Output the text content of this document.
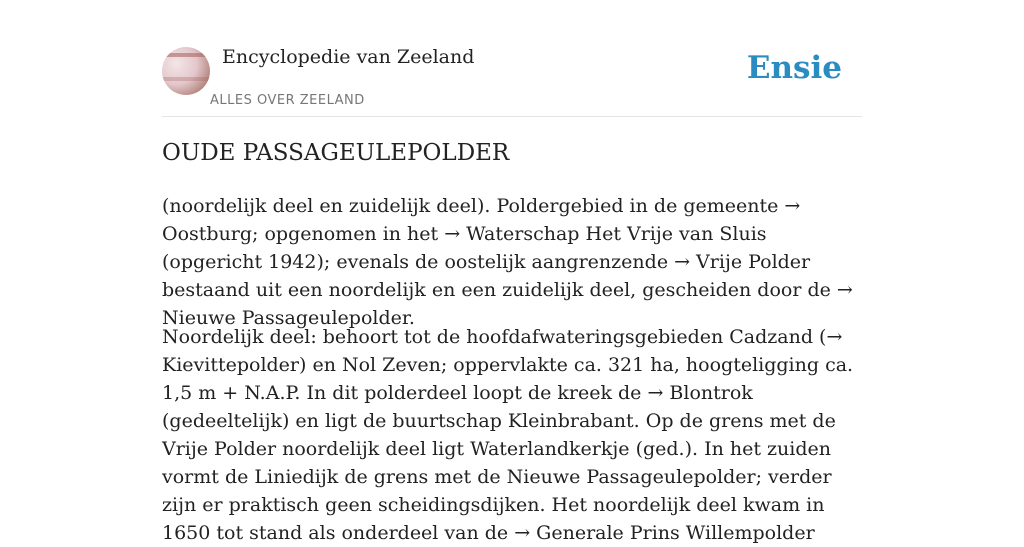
Encyclopedie van Zeeland
ALLES OVER ZEELAND
Ensie
OUDE PASSAGEULEPOLDER

(noordelijk deel en zuidelijk deel). Poldergebied in de gemeente → Oostburg; opgenomen in het → Waterschap Het Vrije van Sluis (opgericht 1942); evenals de oostelijk aangrenzende → Vrije Polder bestaand uit een noordelijk en een zuidelijk deel, gescheiden door de → Nieuwe Passageulepolder.

Noordelijk deel: behoort tot de hoofdafwateringsgebieden Cadzand (→ Kievittepolder) en Nol Zeven; oppervlakte ca. 321 ha, hoogteligging ca. 1,5 m + N.A.P. In dit polderdeel loopt de kreek de → Blontrok (gedeeltelijk) en ligt de buurtschap Kleinbrabant. Op de grens met de Vrije Polder noordelijk deel ligt Waterlandkerkje (ged.). In het zuiden vormt de Liniedijk de grens met de Nieuwe Passageulepolder; verder zijn er praktisch geen scheidingsdijken. Het noordelijk deel kwam in 1650 tot stand als onderdeel van de → Generale Prins Willempolder
